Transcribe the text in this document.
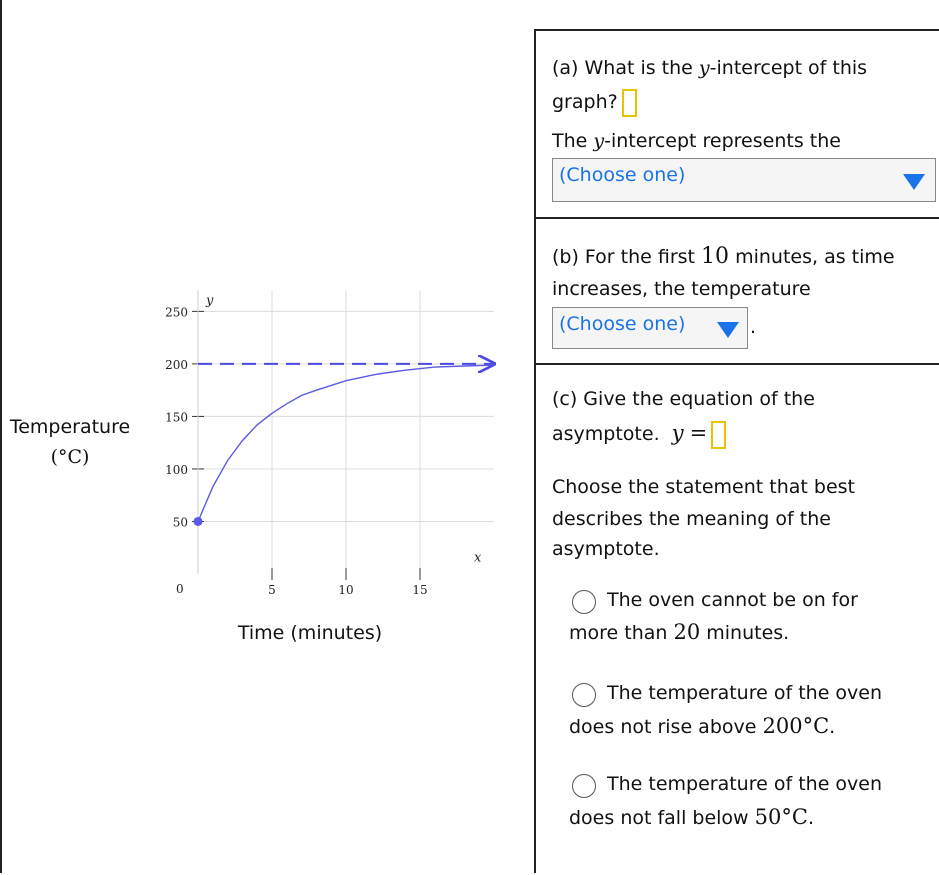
50
100
150
200
250
5	10	15
0
y
x
Temperature
(°C)
Time (minutes)
(a) What is the y-intercept of this
graph?
The y-intercept represents the
(Choose one)
(b) For the first 10 minutes, as time
increases, the temperature
(Choose one)	.
(c) Give the equation of the
asymptote. y =
Choose the statement that best
describes the meaning of the
asymptote.
The oven cannot be on for
more than 20 minutes.
The temperature of the oven
does not rise above 200°C.
The temperature of the oven
does not fall below 50°C.
